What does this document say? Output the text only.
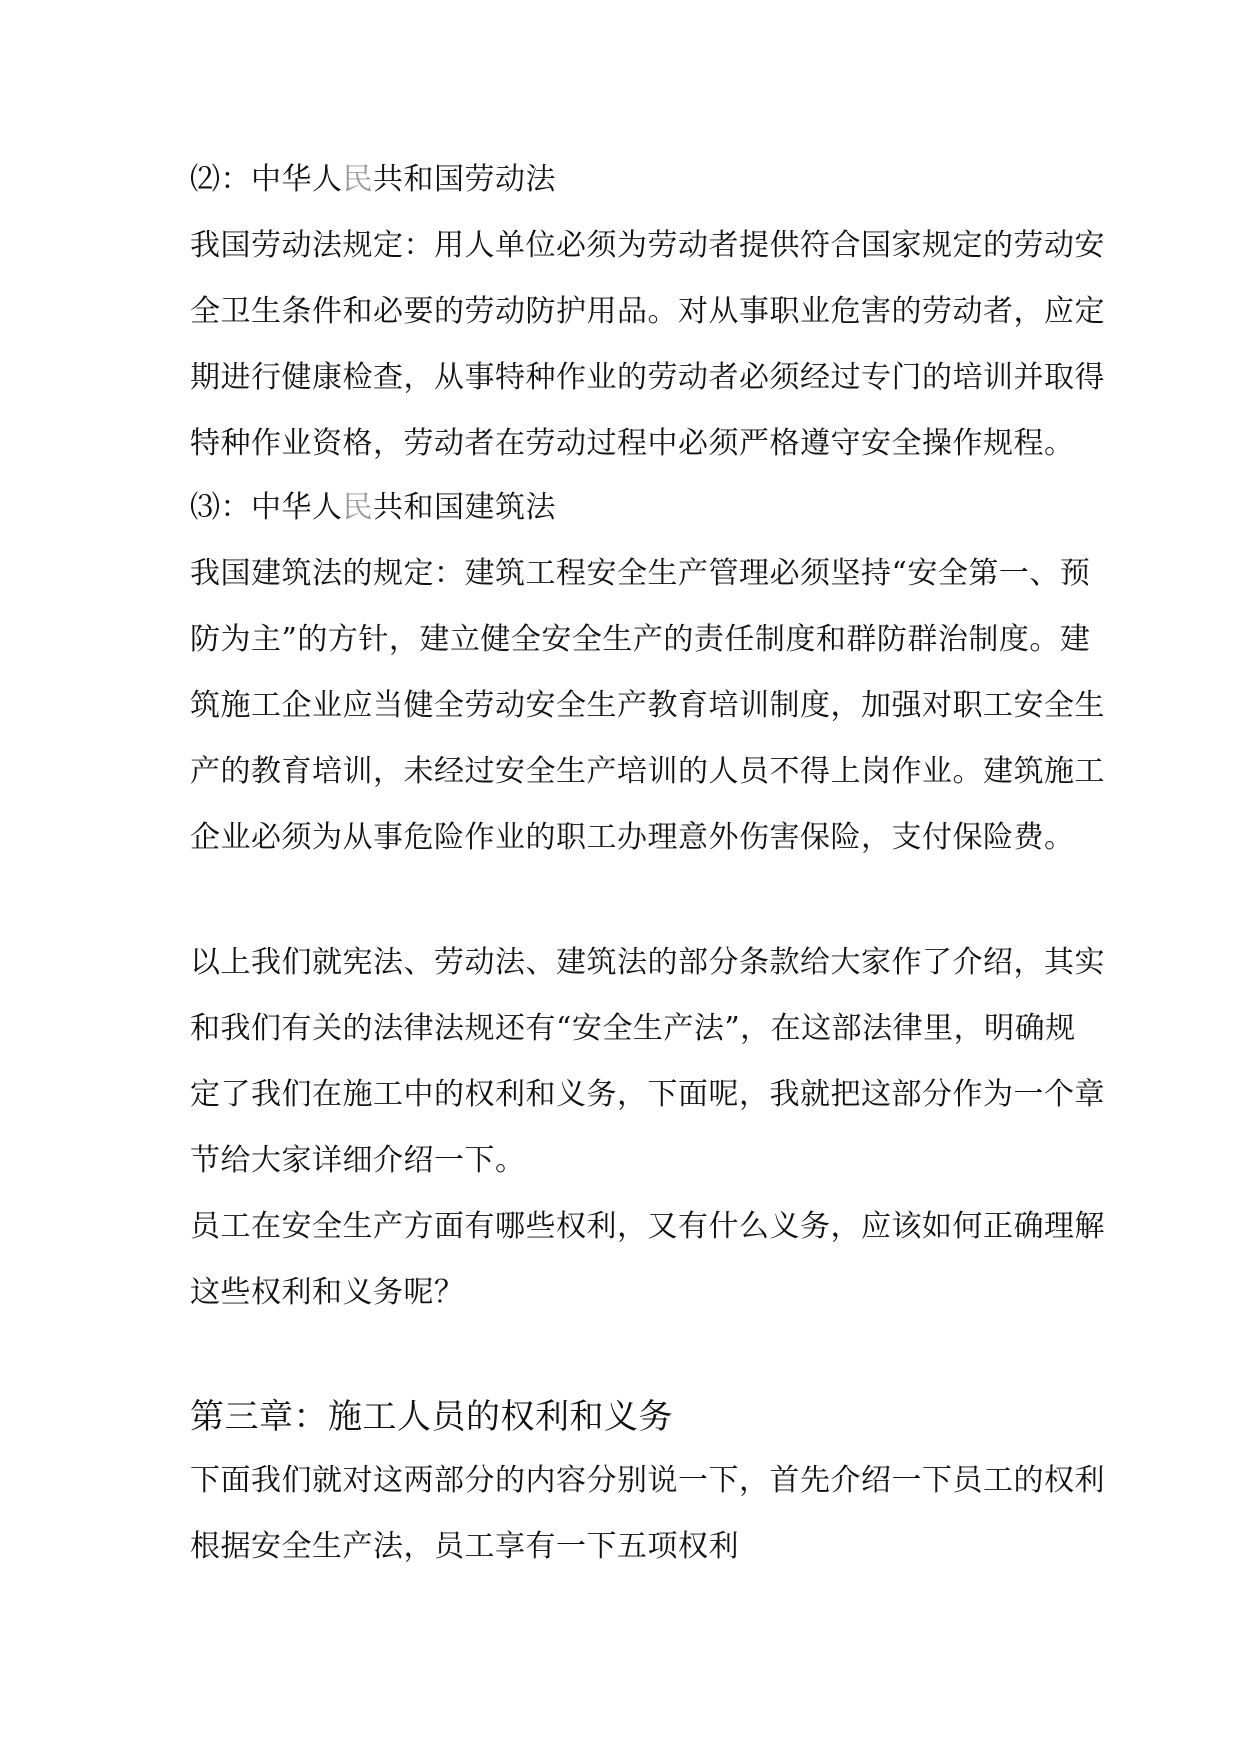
⑵：中华人民共和国劳动法
我国劳动法规定：用人单位必须为劳动者提供符合国家规定的劳动安
全卫生条件和必要的劳动防护用品。对从事职业危害的劳动者，应定
期进行健康检查，从事特种作业的劳动者必须经过专门的培训并取得
特种作业资格，劳动者在劳动过程中必须严格遵守安全操作规程。
⑶：中华人民共和国建筑法
我国建筑法的规定：建筑工程安全生产管理必须坚持“安全第一、预
防为主”的方针，建立健全安全生产的责任制度和群防群治制度。建
筑施工企业应当健全劳动安全生产教育培训制度，加强对职工安全生
产的教育培训，未经过安全生产培训的人员不得上岗作业。建筑施工
企业必须为从事危险作业的职工办理意外伤害保险，支付保险费。
以上我们就宪法、劳动法、建筑法的部分条款给大家作了介绍，其实
和我们有关的法律法规还有“安全生产法”，在这部法律里，明确规
定了我们在施工中的权利和义务，下面呢，我就把这部分作为一个章
节给大家详细介绍一下。
员工在安全生产方面有哪些权利，又有什么义务，应该如何正确理解
这些权利和义务呢？
第三章：施工人员的权利和义务
下面我们就对这两部分的内容分别说一下，首先介绍一下员工的权利
根据安全生产法，员工享有一下五项权利
